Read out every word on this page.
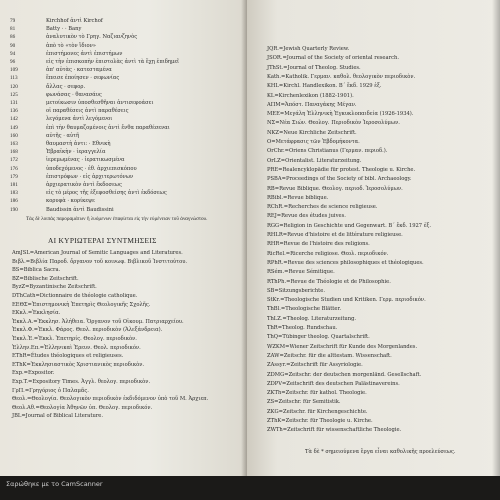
79
81
86
90
94
96
109
113
120
125
131
136
142
149
160
163
168
172
176
179
181
183
186
190
Kirchhof ἀντὶ Kirchof
Batty · · Bany
ἀναλυτικὸν τὸ Γρηγ. Ναζιανζηνὸς
ἀπὸ τὸ «τὸν ἴδιον»
ἐπιστήμονες ἀντὶ ἐπιστήμων
εἰς τὴν ἐπισκοπὴν ἐπιστολὰς ἀντὶ τὰ ἔχῃ ἐπιδημεῖ
ἀπ' αὐτὰς · κατεσταμένα
ἔπεισε ἐποίησεν · σεφωνίας
ἄλλας · σεφορ.
φωνάσας · θανασάυς
μετοίκωσιν ὑποσθεσθῆναι ἀντισεφοάσει
οἱ παραθέσεις ἀντὶ παραθέσεις
λεγόμενα ἀντὶ λεγόμενοι
ἐπὶ τὴν θαυμαζομένοις ἀντὶ ἔνθα παραθέσεναι
αὐτῆς · αὐτῆ
θαυμαστὴ ἀντι: · Εθνικὴ
Ἐβραϊκὴν · ἱεραγγελία
ἱερεμωμένας · ἱερατικωσμένα
ὑποδεχόμενος · ἐθ. ἀρχιεπισκόπου
ἐπιστρόφων · εἰς ἀρχιτερωτόνων
ἀρχιερατικὸν ἀντὶ ἔκδοσεως
εἰς τὸ μέρος τῆς ἐξεφοσθείσης ἀντὶ ἐκδόσεως
κορυφὰ · κορίκεψε
Baudissin ἀντὶ Baudissini
Τὰς δὲ λοιπὰς παροραμάτων ἢ λυόμενων ἐπαφίεται εἰς τὴν εὐμένειαν τοῦ ἀναγνώστου.
ΑΙ ΚΥΡΙΩΤΕΡΑΙ ΣΥΝΤΜΗΣΕΙΣ
AmJSL=American Journal of Semitic Languages and Literatures.
Βιβλ.=Βιβλία Παροδ. ὄργανον τοῦ κοινωφ. Βιβλικοῦ Ἰνστιτούτου.
BS=Biblica Sacra.
BZ=Biblische Zeitschrift.
ByzZ=Byzantinische Zeitschrift.
DThCath=Dictionnaire de théologie catholique.
ΕΕΘΣ=Ἐπιστημονικὴ Ἐπετηρὶς Θεολογικῆς Σχολῆς.
ΕΚκλ.=Ἐκκλησία.
Ἐκκλ.Α.=Ἐκκλησ. Ἀλήθεια. Ὄργανον τοῦ Οἰκουμ. Πατριαρχείου.
Ἐκκλ.Φ.=Ἐκκλ. Φάρος. Θεολ. περιοδικὸν (Ἀλεξάνδρεια).
Ἐκκλ.Ἑ.=Ἐκκλ. Ἑπετηρίς. Θεολογ. περιοδικὸν.
Ἐλλην.Επ.=Ἑλληνικαὶ Ἐρευν. Θεολ. περιοδικόν.
EThR=Études théologiques et religieuses.
EThK=Ἐκκλησιαστικὸς Χριστιανικὸς περιοδικὸν.
Exp.=Expositor.
Exp.T.=Expository Times. Ἀγγλ. θεολογ. περιοδικὸν.
ΓρΠ.=Γρηγόριος ὁ Παλαμᾶς.
Θεολ.=Θεολογία. Θεολογικὸν περιοδικὸν ἐκδιδόμενον ὑπὸ τοῦ Μ. Ἀρχιεπ.
Θεολ.Αθ.=Θεολογία Ἀθηνῶν ὑπ. Θεολογ. περιοδικόν.
JBL=Journal of Biblical Literature.
JQR.=Jewish Quarterly Review.
JSOR.=Journal of the Society of oriental research.
JThSt.=Journal of Theolog. Studies.
Kath.=Katholik. Γερμαν. καθολ. θεολογικὸν περιοδικὸν.
KHL=Kirchl. Handlexikon. Β΄ ἔκδ. 1929 ἑξ.
KL=Kirchenlexikon (1882-1901).
ΑΠΜ=Ἀπόστ. Παναγάκης Μέγαν.
MEE=Μεγάλη Ἑλληνικὴ Ἐγκυκλοπαιδεία (1926-1934).
ΝΣ=Νέα Σιών. Θεολογ. Περιοδικὸν Ἱεροσολύμων.
NKZ=Neue Kirchliche Zeitschrift.
Ο=Μετάφρασις τῶν Ἑβδομήκοντα.
OrChr.=Oriens Christianus (Γερμαν. περιοδ.).
OrLZ=Orientalist. Literaturzeitung.
PRE=Realencyklopädie für protest. Theologie u. Kirche.
PSBA=Proceedings of the Society of bibl. Archaeology.
RB=Revue Biblique. Θεολογ. περιοδ. Ἱεροσολύμων.
RBibl.=Revue biblique.
RChR.=Recherches de science religieuse.
REJ=Revue des études juives.
RGG=Religion in Geschichte und Gegenwart. Β΄ ἔκδ. 1927 ἑξ.
RHLR=Revue d'histoire et de littérature religieuse.
RHR=Revue de l'histoire des religions.
RicRel.=Ricerche religiose. Θεολ. περιοδικόν.
RPhR.=Revue des sciences philosophiques et théologiques.
RSém.=Revue Sémitique.
RThPh.=Revue de Théologie et de Philosophie.
SB=Sitzungsberichte.
StKr.=Theologische Studien und Kritiken. Γερμ. περιοδικόν.
ThBl.=Theologische Blätter.
ThLZ.=Theolog. Literaturzeitung.
ThR=Theolog. Rundschau.
ThQ=Tübinger theolog. Quartalschrift.
WZKM=Wiener Zeitschrift für Kunde des Morgenlandes.
ZAW=Zeitschr. für die alttestam. Wissenschaft.
ZAssyr.=Zeitschrift für Assyriologie.
ZDMG=Zeitschr. der deutschen morgenländ. Gesellschaft.
ZDPV=Zeitschrift des deutschen Palästinavereins.
ZKTh=Zeitschr. für kathol. Theologie.
ZS=Zeitschr. für Semitistik.
ZKG=Zeitschr. für Kirchengeschichte.
ZThK=Zeitschr. für Theologie u. Kirche.
ZWTh=Zeitschrift für wissenschaftliche Theologie.
Τὰ δὲ * σημειούμενα ἔργα εἶναι καθολικῆς προελεύσεως.
Σαρώθηκε με το CamScanner
